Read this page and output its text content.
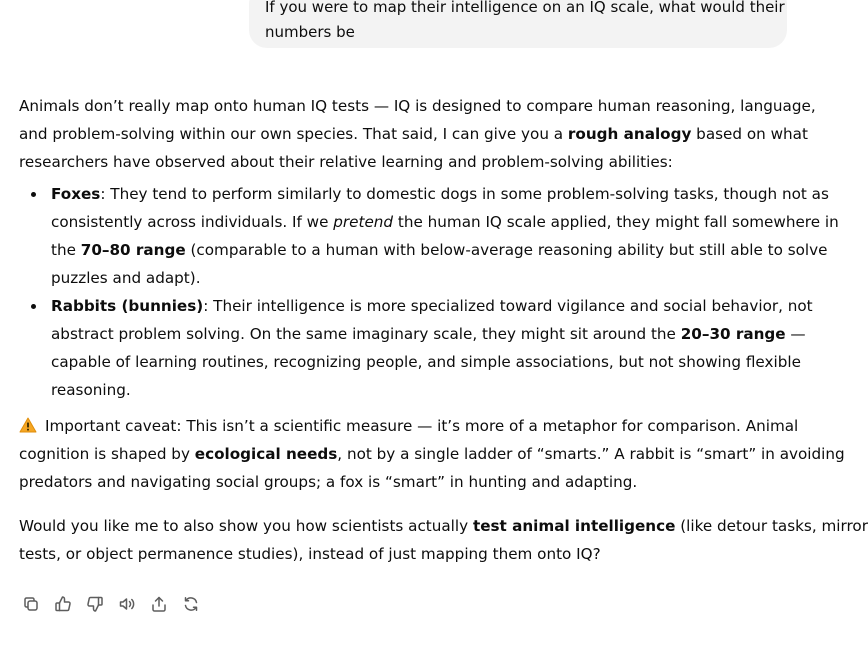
If you were to map their intelligence on an IQ scale, what would their
numbers be

Animals don’t really map onto human IQ tests — IQ is designed to compare human reasoning, language,
and problem-solving within our own species. That said, I can give you a rough analogy based on what
researchers have observed about their relative learning and problem-solving abilities:

Foxes: They tend to perform similarly to domestic dogs in some problem-solving tasks, though not as
consistently across individuals. If we pretend the human IQ scale applied, they might fall somewhere in
the 70–80 range (comparable to a human with below-average reasoning ability but still able to solve
puzzles and adapt).
Rabbits (bunnies): Their intelligence is more specialized toward vigilance and social behavior, not
abstract problem solving. On the same imaginary scale, they might sit around the 20–30 range —
capable of learning routines, recognizing people, and simple associations, but not showing flexible
reasoning.

Important caveat: This isn’t a scientific measure — it’s more of a metaphor for comparison. Animal
cognition is shaped by ecological needs, not by a single ladder of “smarts.” A rabbit is “smart” in avoiding
predators and navigating social groups; a fox is “smart” in hunting and adapting.

Would you like me to also show you how scientists actually test animal intelligence (like detour tasks, mirror
tests, or object permanence studies), instead of just mapping them onto IQ?
